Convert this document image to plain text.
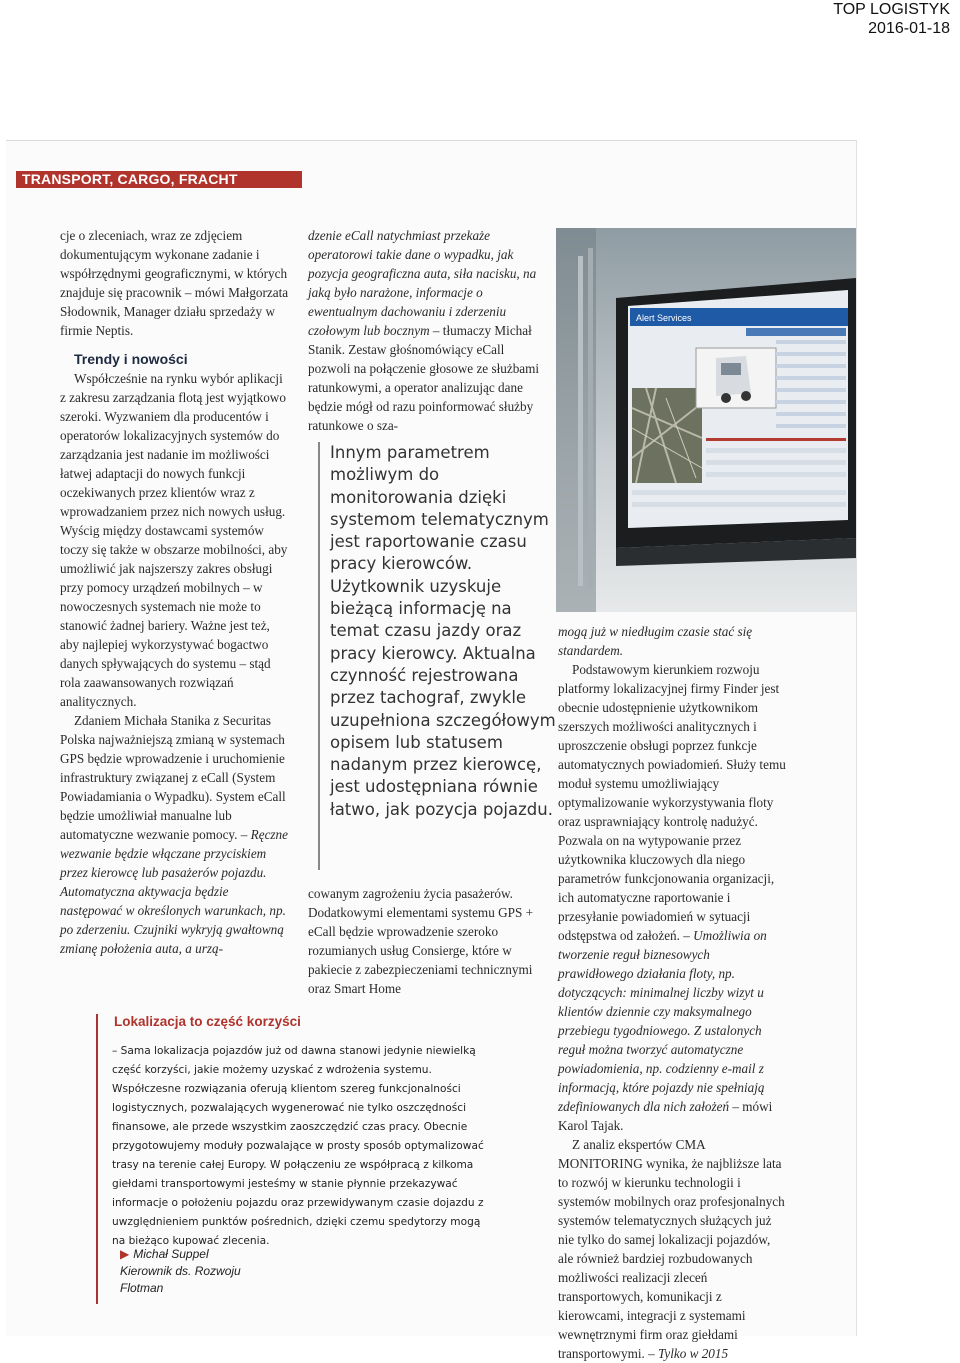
TOP LOGISTYK
2016-01-18
TRANSPORT, CARGO, FRACHT

cje o zleceniach, wraz ze zdjęciem dokumentującym wykonane zadanie i współrzędnymi geograficznymi, w których znajduje się pracownik – mówi Małgorzata Słodownik, Manager działu sprzedaży w firmie Neptis.

Trendy i nowości

Współcześnie na rynku wybór aplikacji z zakresu zarządzania flotą jest wyjątkowo szeroki. Wyzwaniem dla producentów i operatorów lokalizacyjnych systemów do zarządzania jest nadanie im możliwości łatwej adaptacji do nowych funkcji oczekiwanych przez klientów wraz z wprowadzaniem przez nich nowych usług. Wyścig między dostawcami systemów toczy się także w obszarze mobilności, aby umożliwić jak najszerszy zakres obsługi przy pomocy urządzeń mobilnych – w nowoczesnych systemach nie może to stanowić żadnej bariery. Ważne jest też, aby najlepiej wykorzystywać bogactwo danych spływających do systemu – stąd rola zaawansowanych rozwiązań analitycznych.

Zdaniem Michała Stanika z Securitas Polska najważniejszą zmianą w systemach GPS będzie wprowadzenie i uruchomienie infrastruktury związanej z eCall (System Powiadamiania o Wypadku). System eCall będzie umożliwiał manualne lub automatyczne wezwanie pomocy. – Ręczne wezwanie będzie włączane przyciskiem przez kierowcę lub pasażerów pojazdu. Automatyczna aktywacja będzie następować w określonych warunkach, np. po zderzeniu. Czujniki wykryją gwałtowną zmianę położenia auta, a urzą-

dzenie eCall natychmiast przekaże operatorowi takie dane o wypadku, jak pozycja geograficzna auta, siła nacisku, na jaką było narażone, informacje o ewentualnym dachowaniu i zderzeniu czołowym lub bocznym – tłumaczy Michał Stanik. Zestaw głośnomówiący eCall pozwoli na połączenie głosowe ze służbami ratunkowymi, a operator analizując dane będzie mógł od razu poinformować służby ratunkowe o sza-

Innym parametrem możliwym do monitorowania dzięki systemom telematycznym jest raportowanie czasu pracy kierowców. Użytkownik uzyskuje bieżącą informację na temat czasu jazdy oraz pracy kierowcy. Aktualna czynność rejestrowana przez tachograf, zwykle uzupełniona szczegółowym opisem lub statusem nadanym przez kierowcę, jest udostępniana równie łatwo, jak pozycja pojazdu.

cowanym zagrożeniu życia pasażerów. Dodatkowymi elementami systemu GPS + eCall będzie wprowadzenie szeroko rozumianych usług Consierge, które w pakiecie z zabezpieczeniami technicznymi oraz Smart Home

Alert Services

mogą już w niedługim czasie stać się standardem.

Podstawowym kierunkiem rozwoju platformy lokalizacyjnej firmy Finder jest obecnie udostępnienie użytkownikom szerszych możliwości analitycznych i uproszczenie obsługi poprzez funkcje automatycznych powiadomień. Służy temu moduł systemu umożliwiający optymalizowanie wykorzystywania floty oraz usprawniający kontrolę nadużyć. Pozwala on na wytypowanie przez użytkownika kluczowych dla niego parametrów funkcjonowania organizacji, ich automatyczne raportowanie i przesyłanie powiadomień w sytuacji odstępstwa od założeń. – Umożliwia on tworzenie reguł biznesowych prawidłowego działania floty, np. dotyczących: minimalnej liczby wizyt u klientów dziennie czy maksymalnego przebiegu tygodniowego. Z ustalonych reguł można tworzyć automatyczne powiadomienia, np. codzienny e-mail z informacją, które pojazdy nie spełniają zdefiniowanych dla nich założeń – mówi Karol Tajak.

Z analiz ekspertów CMA MONITORING wynika, że najbliższe lata to rozwój w kierunku technologii i systemów mobilnych oraz profesjonalnych systemów telematycznych służących już nie tylko do samej lokalizacji pojazdów, ale również bardziej rozbudowanych możliwości realizacji zleceń transportowych, komunikacji z kierowcami, integracji z systemami wewnętrznymi firm oraz giełdami transportowymi. – Tylko w 2015

Lokalizacja to część korzyści
– Sama lokalizacja pojazdów już od dawna stanowi jedynie niewielką część korzyści, jakie możemy uzyskać z wdrożenia systemu. Współczesne rozwiązania oferują klientom szereg funkcjonalności logistycznych, pozwalających wygenerować nie tylko oszczędności finansowe, ale przede wszystkim zaoszczędzić czas pracy. Obecnie przygotowujemy moduły pozwalające w prosty sposób optymalizować trasy na terenie całej Europy. W połączeniu ze współpracą z kilkoma giełdami transportowymi jesteśmy w stanie płynnie przekazywać informacje o położeniu pojazdu oraz przewidywanym czasie dojazdu z uwzględnieniem punktów pośrednich, dzięki czemu spedytorzy mogą na bieżąco kupować zlecenia.
▶ Michał Suppel
Kierownik ds. Rozwoju
Flotman
